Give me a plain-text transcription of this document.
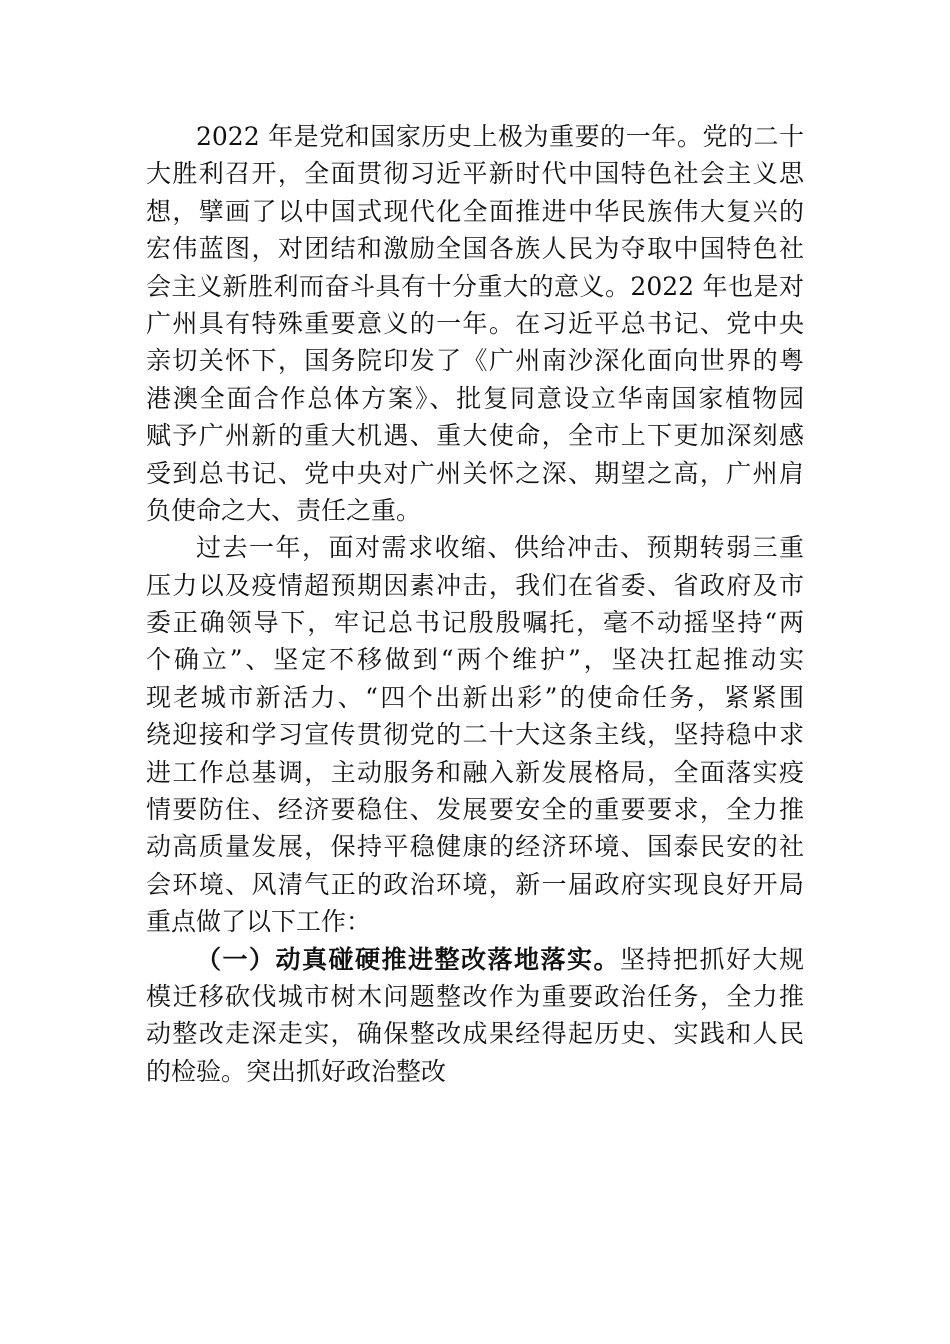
2022 年是党和国家历史上极为重要的一年。党的二十
大胜利召开，全面贯彻习近平新时代中国特色社会主义思
想，擘画了以中国式现代化全面推进中华民族伟大复兴的
宏伟蓝图，对团结和激励全国各族人民为夺取中国特色社
会主义新胜利而奋斗具有十分重大的意义。2022 年也是对
广州具有特殊重要意义的一年。在习近平总书记、党中央
亲切关怀下，国务院印发了《广州南沙深化面向世界的粤
港澳全面合作总体方案》、批复同意设立华南国家植物园
赋予广州新的重大机遇、重大使命，全市上下更加深刻感
受到总书记、党中央对广州关怀之深、期望之高，广州肩
负使命之大、责任之重。
过去一年，面对需求收缩、供给冲击、预期转弱三重
压力以及疫情超预期因素冲击，我们在省委、省政府及市
委正确领导下，牢记总书记殷殷嘱托，毫不动摇坚持“两
个确立”、坚定不移做到“两个维护”，坚决扛起推动实
现老城市新活力、“四个出新出彩”的使命任务，紧紧围
绕迎接和学习宣传贯彻党的二十大这条主线，坚持稳中求
进工作总基调，主动服务和融入新发展格局，全面落实疫
情要防住、经济要稳住、发展要安全的重要要求，全力推
动高质量发展，保持平稳健康的经济环境、国泰民安的社
会环境、风清气正的政治环境，新一届政府实现良好开局
重点做了以下工作：
（一）动真碰硬推进整改落地落实。坚持把抓好大规
模迁移砍伐城市树木问题整改作为重要政治任务，全力推
动整改走深走实，确保整改成果经得起历史、实践和人民
的检验。突出抓好政治整改
